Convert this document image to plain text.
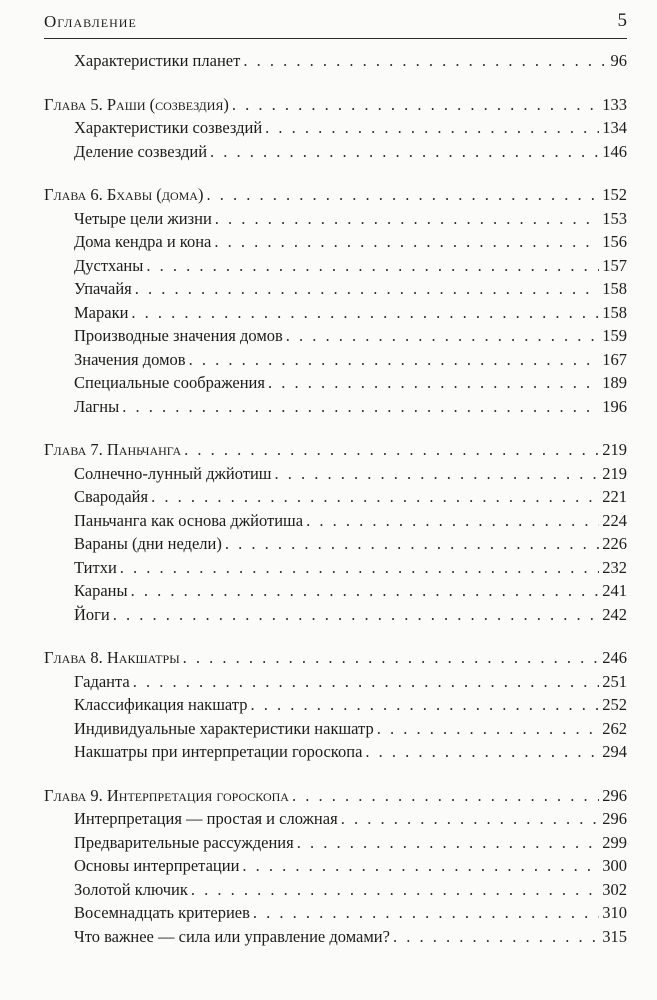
Оглавление	5
Характеристики планет . . .	96
Глава 5. Раши (созвездия) . . .	133
Характеристики созвездий . . .	134
Деление созвездий . . .	146
Глава 6. Бхавы (дома) . . .	152
Четыре цели жизни . . .	153
Дома кендра и кона . . .	156
Дустханы . . .	157
Упачайя . . .	158
Мараки . . .	158
Производные значения домов . . .	159
Значения домов . . .	167
Специальные соображения . . .	189
Лагны . . .	196
Глава 7. Паньчанга . . .	219
Солнечно-лунный джйотиш . . .	219
Свародайя . . .	221
Паньчанга как основа джйотиша . . .	224
Вараны (дни недели) . . .	226
Титхи . . .	232
Караны . . .	241
Йоги . . .	242
Глава 8. Накшатры . . .	246
Гаданта . . .	251
Классификация накшатр . . .	252
Индивидуальные характеристики накшатр . . .	262
Накшатры при интерпретации гороскопа . . .	294
Глава 9. Интерпретация гороскопа . . .	296
Интерпретация — простая и сложная . . .	296
Предварительные рассуждения . . .	299
Основы интерпретации . . .	300
Золотой ключик . . .	302
Восемнадцать критериев . . .	310
Что важнее — сила или управление домами? . . .	315
